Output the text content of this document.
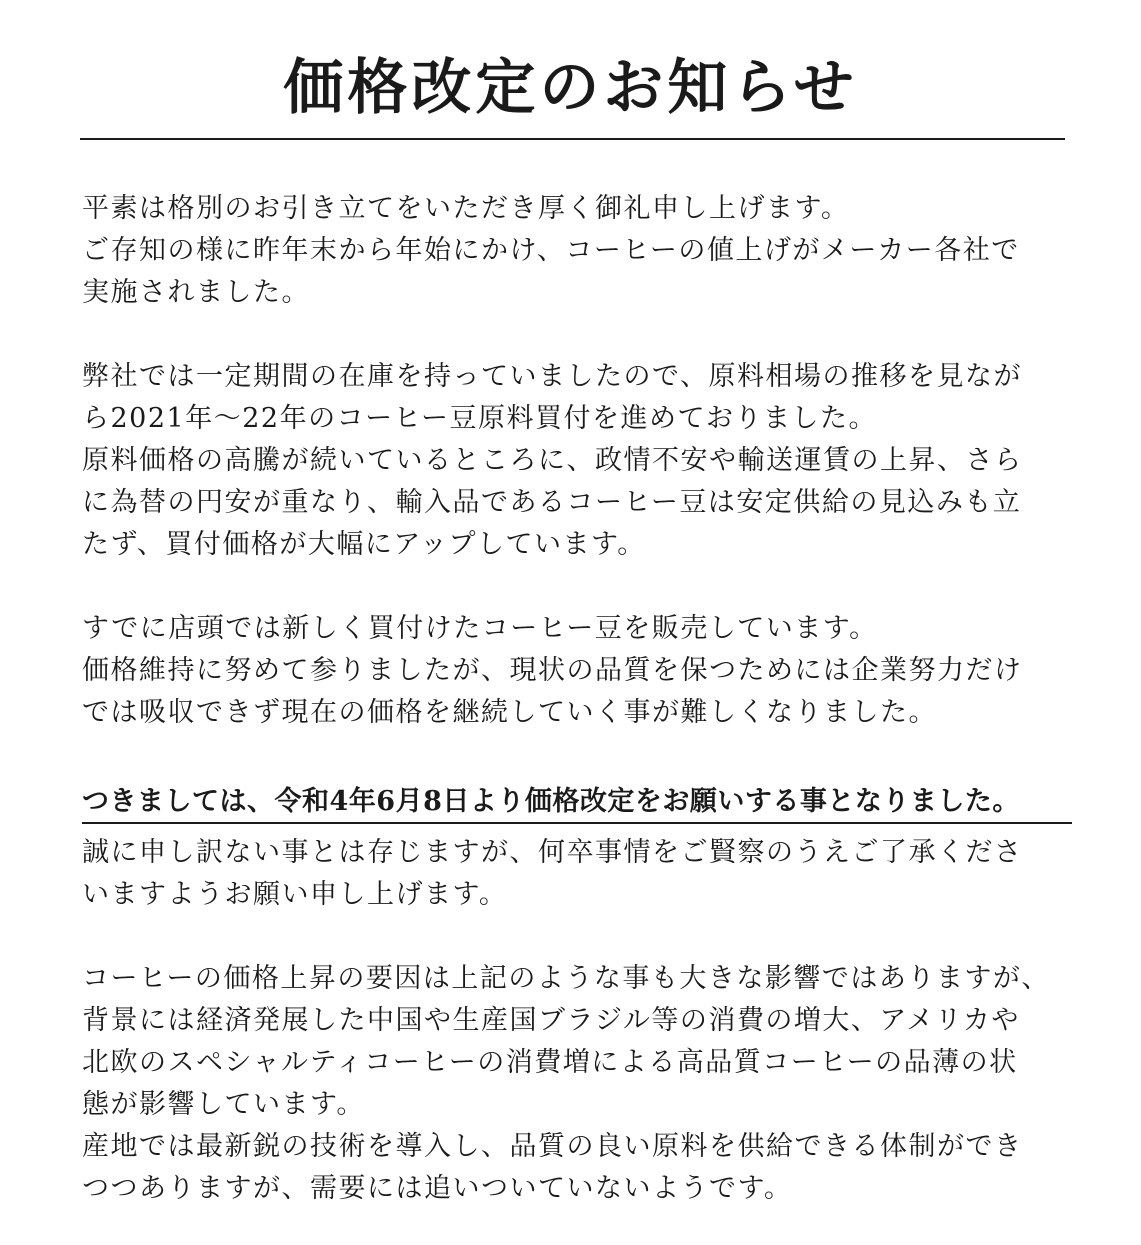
価格改定のお知らせ
平素は格別のお引き立てをいただき厚く御礼申し上げます。
ご存知の様に昨年末から年始にかけ、コーヒーの値上げがメーカー各社で
実施されました。
弊社では一定期間の在庫を持っていましたので、原料相場の推移を見なが
ら2021年～22年のコーヒー豆原料買付を進めておりました。
原料価格の高騰が続いているところに、政情不安や輸送運賃の上昇、さら
に為替の円安が重なり、輸入品であるコーヒー豆は安定供給の見込みも立
たず、買付価格が大幅にアップしています。
すでに店頭では新しく買付けたコーヒー豆を販売しています。
価格維持に努めて参りましたが、現状の品質を保つためには企業努力だけ
では吸収できず現在の価格を継続していく事が難しくなりました。
つきましては、令和4年6月8日より価格改定をお願いする事となりました。
誠に申し訳ない事とは存じますが、何卒事情をご賢察のうえご了承くださ
いますようお願い申し上げます。
コーヒーの価格上昇の要因は上記のような事も大きな影響ではありますが、
背景には経済発展した中国や生産国ブラジル等の消費の増大、アメリカや
北欧のスペシャルティコーヒーの消費増による高品質コーヒーの品薄の状
態が影響しています。
産地では最新鋭の技術を導入し、品質の良い原料を供給できる体制ができ
つつありますが、需要には追いついていないようです。
